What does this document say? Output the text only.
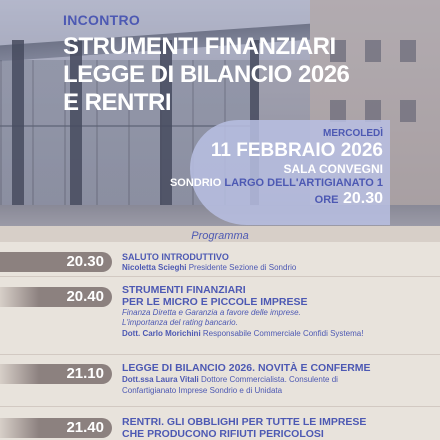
INCONTRO
STRUMENTI FINANZIARI
LEGGE DI BILANCIO 2026
E RENTRI
MERCOLEDÌ
11 FEBBRAIO 2026
SALA CONVEGNI
SONDRIO LARGO DELL'ARTIGIANATO 1
ORE 20.30
Programma
20.30 SALUTO INTRODUTTIVO
Nicoletta Scieghi Presidente Sezione di Sondrio
20.40 STRUMENTI FINANZIARI
PER LE MICRO E PICCOLE IMPRESE
Finanza Diretta e Garanzia a favore delle imprese.
L'importanza del rating bancario.
Dott. Carlo Morichini Responsabile Commerciale Confidi Systema!
21.10 LEGGE DI BILANCIO 2026. NOVITÀ E CONFERME
Dott.ssa Laura Vitali Dottore Commercialista. Consulente di
Confartigianato Imprese Sondrio e di Unidata
21.40 RENTRI. GLI OBBLIGHI PER TUTTE LE IMPRESE
CHE PRODUCONO RIFIUTI PERICOLOSI
